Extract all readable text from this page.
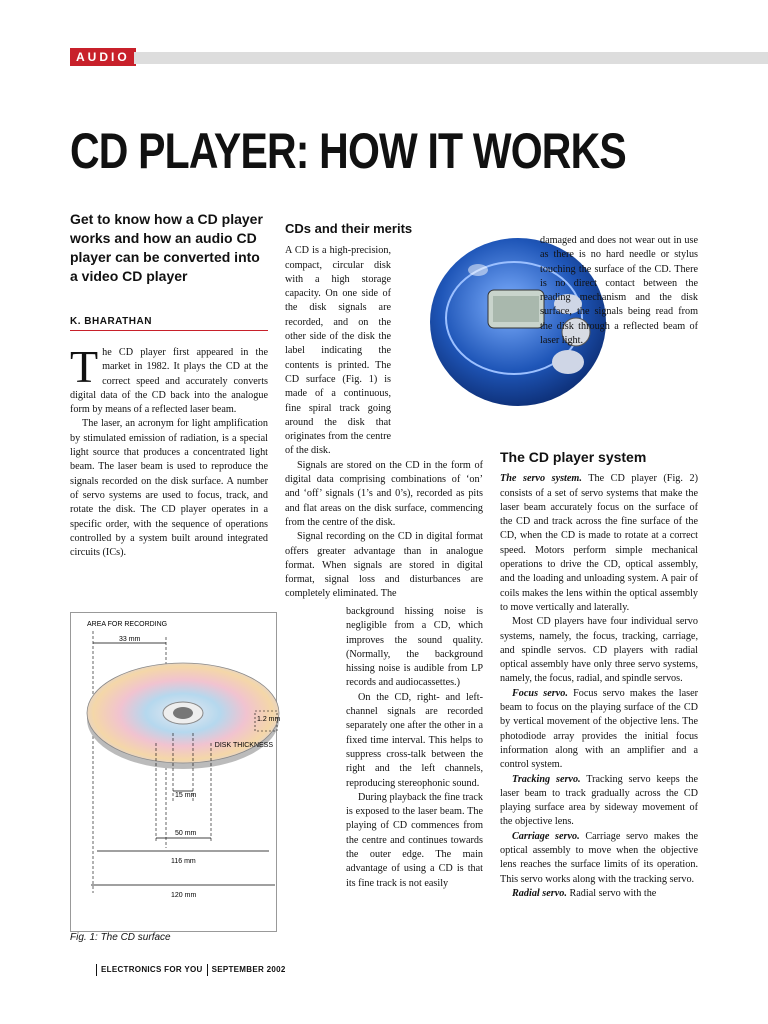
AUDIO
CD PLAYER: HOW IT WORKS
Get to know how a CD player works and how an audio CD player can be converted into a video CD player
K. BHARATHAN

The CD player first appeared in the market in 1982. It plays the CD at the correct speed and accurately converts digital data of the CD back into the analogue form by means of a reflected laser beam.

The laser, an acronym for light amplification by stimulated emission of radiation, is a special light source that produces a concentrated light beam. The laser beam is used to reproduce the signals recorded on the disk surface. A number of servo systems are used to focus, track, and rotate the disk. The CD player operates in a specific order, with the sequence of operations controlled by a system built around integrated circuits (ICs).

CDs and their merits

A CD is a high-precision, compact, circular disk with a high storage capacity. On one side of the disk signals are recorded, and on the other side of the disk the label indicating the contents is printed. The CD surface (Fig. 1) is made of a continuous, fine spiral track going around the disk that originates from the centre of the disk.

Signals are stored on the CD in the form of digital data comprising combinations of ‘on’ and ‘off’ signals (1’s and 0’s), recorded as pits and flat areas on the disk surface, commencing from the centre of the disk.

Signal recording on the CD in digital format offers greater advantage than in analogue format. When signals are stored in digital format, signal loss and disturbances are completely eliminated. The

background hissing noise is negligible from a CD, which improves the sound quality. (Normally, the background hissing noise is audible from LP records and audiocassettes.)

On the CD, right- and left-channel signals are recorded separately one after the other in a fixed time interval. This helps to suppress cross-talk between the right and the left channels, reproducing stereophonic sound.

During playback the fine track is exposed to the laser beam. The playing of CD commences from the centre and continues towards the outer edge. The main advantage of using a CD is that its fine track is not easily

damaged and does not wear out in use as there is no hard needle or stylus touching the surface of the CD. There is no direct contact between the reading mechanism and the disk surface, the signals being read from the disk through a reflected beam of laser light.

The CD player system

The servo system. The CD player (Fig. 2) consists of a set of servo systems that make the laser beam accurately focus on the surface of the CD and track across the fine surface of the CD, when the CD is made to rotate at a correct speed. Motors perform simple mechanical operations to drive the CD, optical assembly, and the loading and unloading system. A pair of coils makes the lens within the optical assembly to move vertically and laterally.

Most CD players have four individual servo systems, namely, the focus, tracking, carriage, and spindle servos. CD players with radial optical assembly have only three servo systems, namely, the focus, radial, and spindle servos.

Focus servo. Focus servo makes the laser beam to focus on the playing surface of the CD by vertical movement of the objective lens. The photodiode array provides the initial focus information along with an amplifier and a control system.

Tracking servo. Tracking servo keeps the laser beam to track gradually across the CD playing surface area by sideway movement of the objective lens.

Carriage servo. Carriage servo makes the optical assembly to move when the objective lens reaches the surface limits of its operation. This servo works along with the tracking servo.

Radial servo. Radial servo with the

AREA FOR RECORDING
33 mm
1.2 mm
DISK THICKNESS
15 mm
50 mm
116 mm
120 mm
Fig. 1: The CD surface
ELECTRONICS FOR YOU SEPTEMBER 2002
